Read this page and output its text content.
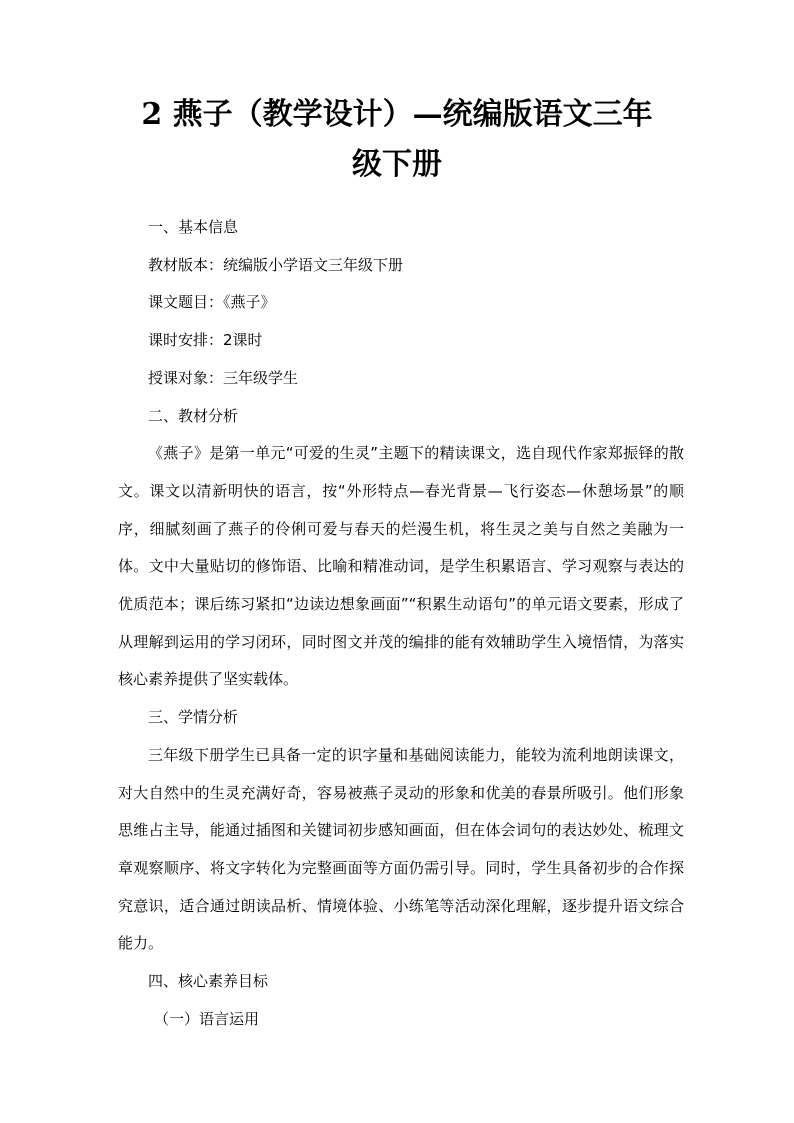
2 燕子（教学设计）—统编版语文三年
级下册

一、基本信息

教材版本：统编版小学语文三年级下册

课文题目：《燕子》

课时安排：2课时

授课对象：三年级学生

二、教材分析

《燕子》是第一单元“可爱的生灵”主题下的精读课文，选自现代作家郑振铎的散文。课文以清新明快的语言，按“外形特点—春光背景—飞行姿态—休憩场景”的顺序，细腻刻画了燕子的伶俐可爱与春天的烂漫生机，将生灵之美与自然之美融为一体。文中大量贴切的修饰语、比喻和精准动词，是学生积累语言、学习观察与表达的优质范本；课后练习紧扣“边读边想象画面”“积累生动语句”的单元语文要素，形成了从理解到运用的学习闭环，同时图文并茂的编排的能有效辅助学生入境悟情，为落实核心素养提供了坚实载体。

三、学情分析

三年级下册学生已具备一定的识字量和基础阅读能力，能较为流利地朗读课文，对大自然中的生灵充满好奇，容易被燕子灵动的形象和优美的春景所吸引。他们形象思维占主导，能通过插图和关键词初步感知画面，但在体会词句的表达妙处、梳理文章观察顺序、将文字转化为完整画面等方面仍需引导。同时，学生具备初步的合作探究意识，适合通过朗读品析、情境体验、小练笔等活动深化理解，逐步提升语文综合能力。

四、核心素养目标

（一）语言运用
